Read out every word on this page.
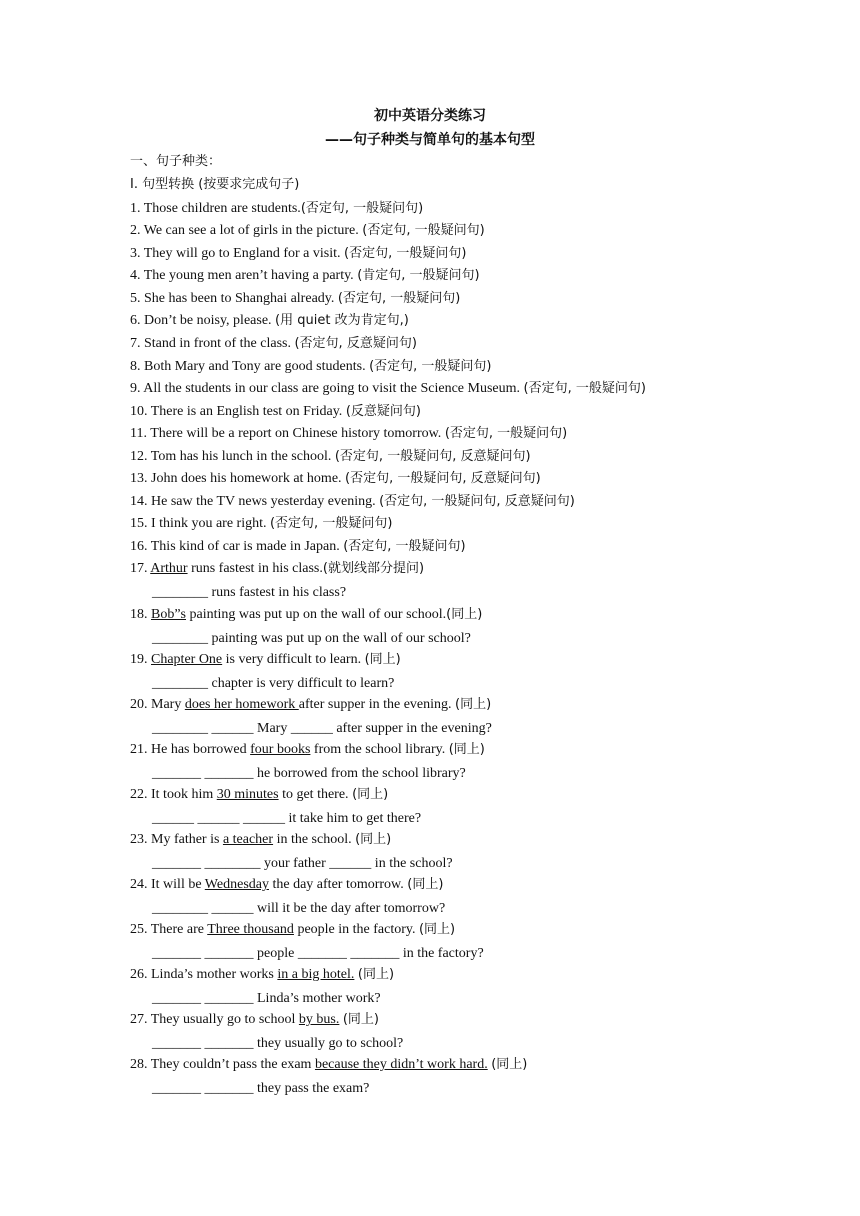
初中英语分类练习
——句子种类与简单句的基本句型
一、句子种类：
Ⅰ. 句型转换 (按要求完成句子)
1. Those children are students.(否定句, 一般疑问句)
2. We can see a lot of girls in the picture. (否定句, 一般疑问句)
3. They will go to England for a visit. (否定句, 一般疑问句)
4. The young men aren’t having a party. (肯定句, 一般疑问句)
5. She has been to Shanghai already. (否定句, 一般疑问句)
6. Don’t be noisy, please. (用 quiet 改为肯定句,)
7. Stand in front of the class. (否定句, 反意疑问句)
8. Both Mary and Tony are good students. (否定句, 一般疑问句)
9. All the students in our class are going to visit the Science Museum. (否定句, 一般疑问句)
10. There is an English test on Friday. (反意疑问句)
11. There will be a report on Chinese history tomorrow. (否定句, 一般疑问句)
12. Tom has his lunch in the school. (否定句, 一般疑问句, 反意疑问句)
13. John does his homework at home. (否定句, 一般疑问句, 反意疑问句)
14. He saw the TV news yesterday evening. (否定句, 一般疑问句, 反意疑问句)
15. I think you are right. (否定句, 一般疑问句)
16. This kind of car is made in Japan. (否定句, 一般疑问句)
17. Arthur runs fastest in his class.(就划线部分提问)
________ runs fastest in his class?
18. Bob”s painting was put up on the wall of our school.(同上)
________ painting was put up on the wall of our school?
19. Chapter One is very difficult to learn. (同上)
________ chapter is very difficult to learn?
20. Mary does her homework after supper in the evening. (同上)
________ ______ Mary ______ after supper in the evening?
21. He has borrowed four books from the school library. (同上)
_______ _______ he borrowed from the school library?
22. It took him 30 minutes to get there. (同上)
______ ______ ______ it take him to get there?
23. My father is a teacher in the school. (同上)
_______ ________ your father ______ in the school?
24. It will be Wednesday the day after tomorrow. (同上)
________ ______ will it be the day after tomorrow?
25. There are Three thousand people in the factory. (同上)
_______ _______ people _______ _______ in the factory?
26. Linda’s mother works in a big hotel. (同上)
_______ _______ Linda’s mother work?
27. They usually go to school by bus. (同上)
_______ _______ they usually go to school?
28. They couldn’t pass the exam because they didn’t work hard. (同上)
_______ _______ they pass the exam?
